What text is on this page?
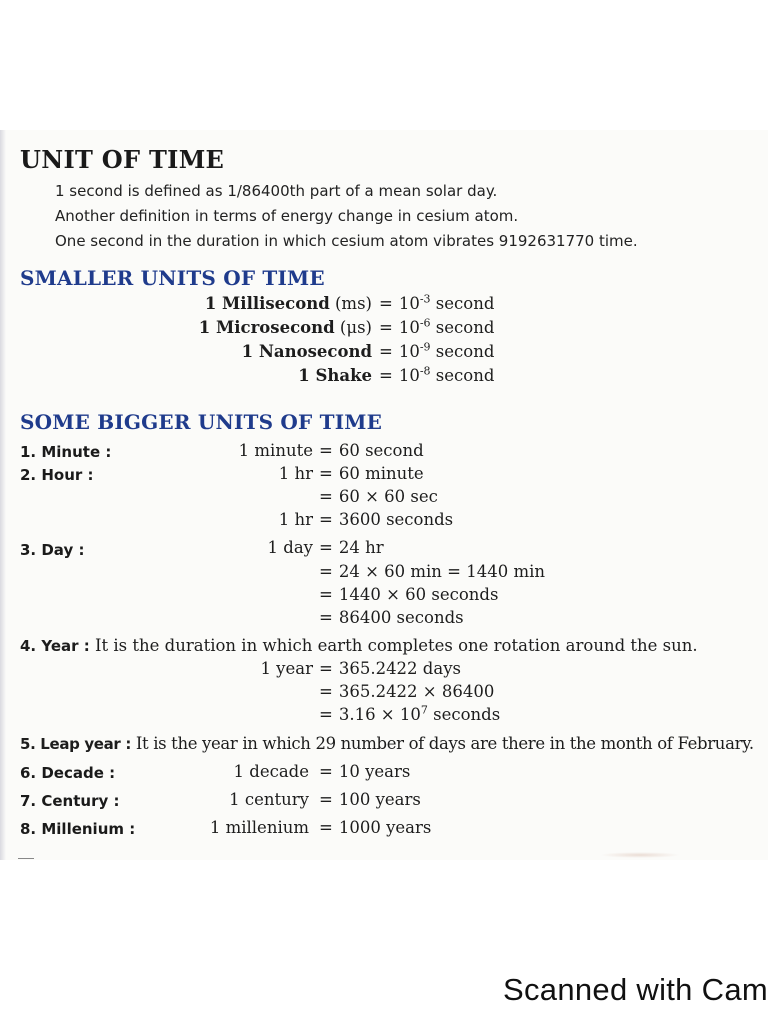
UNIT OF TIME
1 second is defined as 1/86400th part of a mean solar day.
Another definition in terms of energy change in cesium atom.
One second in the duration in which cesium atom vibrates 9192631770 time.
SMALLER UNITS OF TIME
1 Millisecond $(ms) = 10^{-3}$ second
1 Microsecond $(\mu s) = 10^{-6}$ second
1 Nanosecond = $10^{-9}$ second
1 Shake = $10^{-8}$ second
SOME BIGGER UNITS OF TIME
1. Minute :	1 minute = 60 second
2. Hour :	1 hr = 60 minute
= 60 × 60 sec
1 hr = 3600 seconds
3. Day :	1 day = 24 hr
= 24 × 60 min = 1440 min
= 1440 × 60 seconds
= 86400 seconds
4. Year : It is the duration in which earth completes one rotation around the sun.
1 year = 365.2422 days
= 365.2422 × 86400
= $3.16 \times 10^7$ seconds
5. Leap year : It is the year in which 29 number of days are there in the month of February.
6. Decade :	1 decade = 10 years
7. Century :	1 century = 100 years
8. Millenium :	1 millenium = 1000 years
Scanned with Cam
